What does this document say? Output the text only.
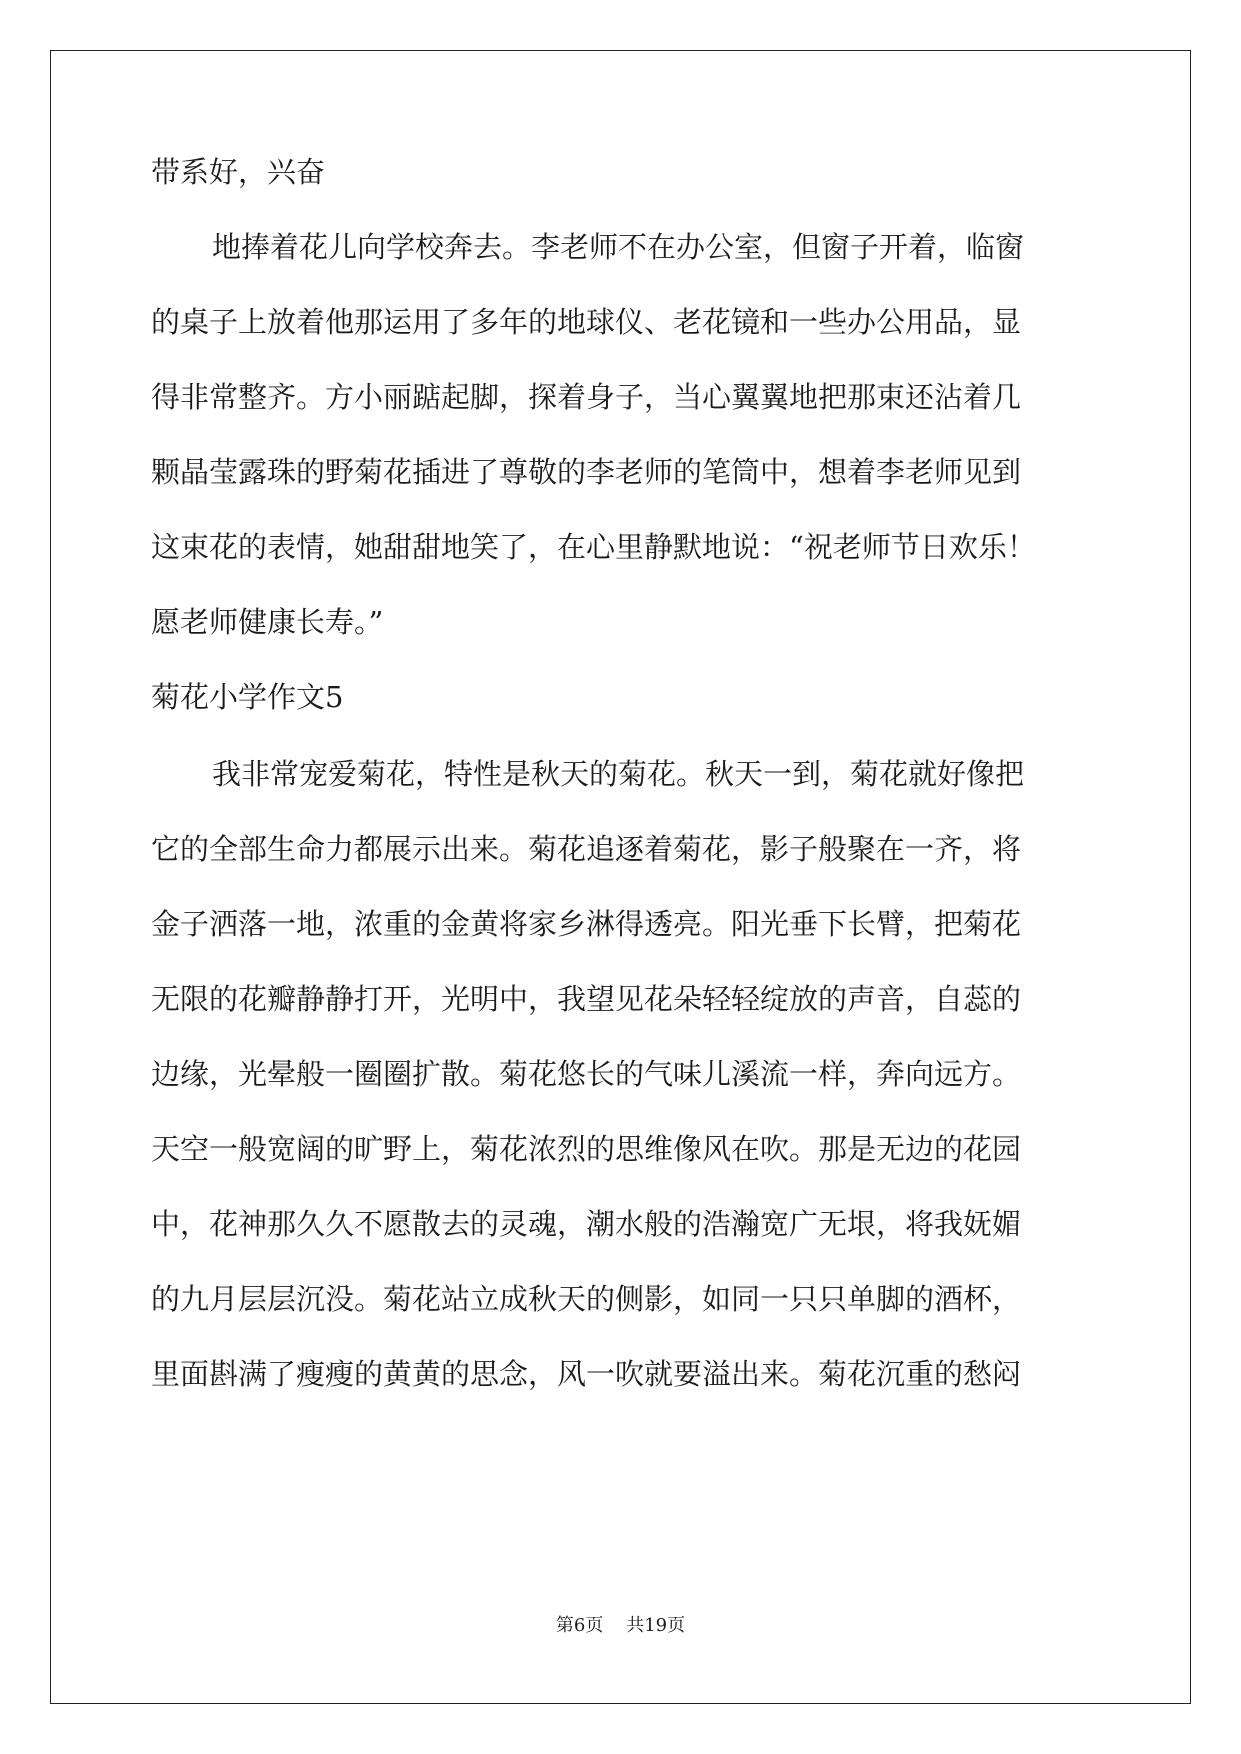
带系好，兴奋
地捧着花儿向学校奔去。李老师不在办公室，但窗子开着，临窗
的桌子上放着他那运用了多年的地球仪、老花镜和一些办公用品，显
得非常整齐。方小丽踮起脚，探着身子，当心翼翼地把那束还沾着几
颗晶莹露珠的野菊花插进了尊敬的李老师的笔筒中，想着李老师见到
这束花的表情，她甜甜地笑了，在心里静默地说：“祝老师节日欢乐！
愿老师健康长寿。”
菊花小学作文5
我非常宠爱菊花，特性是秋天的菊花。秋天一到，菊花就好像把
它的全部生命力都展示出来。菊花追逐着菊花，影子般聚在一齐，将
金子洒落一地，浓重的金黄将家乡淋得透亮。阳光垂下长臂，把菊花
无限的花瓣静静打开，光明中，我望见花朵轻轻绽放的声音，自蕊的
边缘，光晕般一圈圈扩散。菊花悠长的气味儿溪流一样，奔向远方。
天空一般宽阔的旷野上，菊花浓烈的思维像风在吹。那是无边的花园
中，花神那久久不愿散去的灵魂，潮水般的浩瀚宽广无垠，将我妩媚
的九月层层沉没。菊花站立成秋天的侧影，如同一只只单脚的酒杯，
里面斟满了瘦瘦的黄黄的思念，风一吹就要溢出来。菊花沉重的愁闷
第6页    共19页
